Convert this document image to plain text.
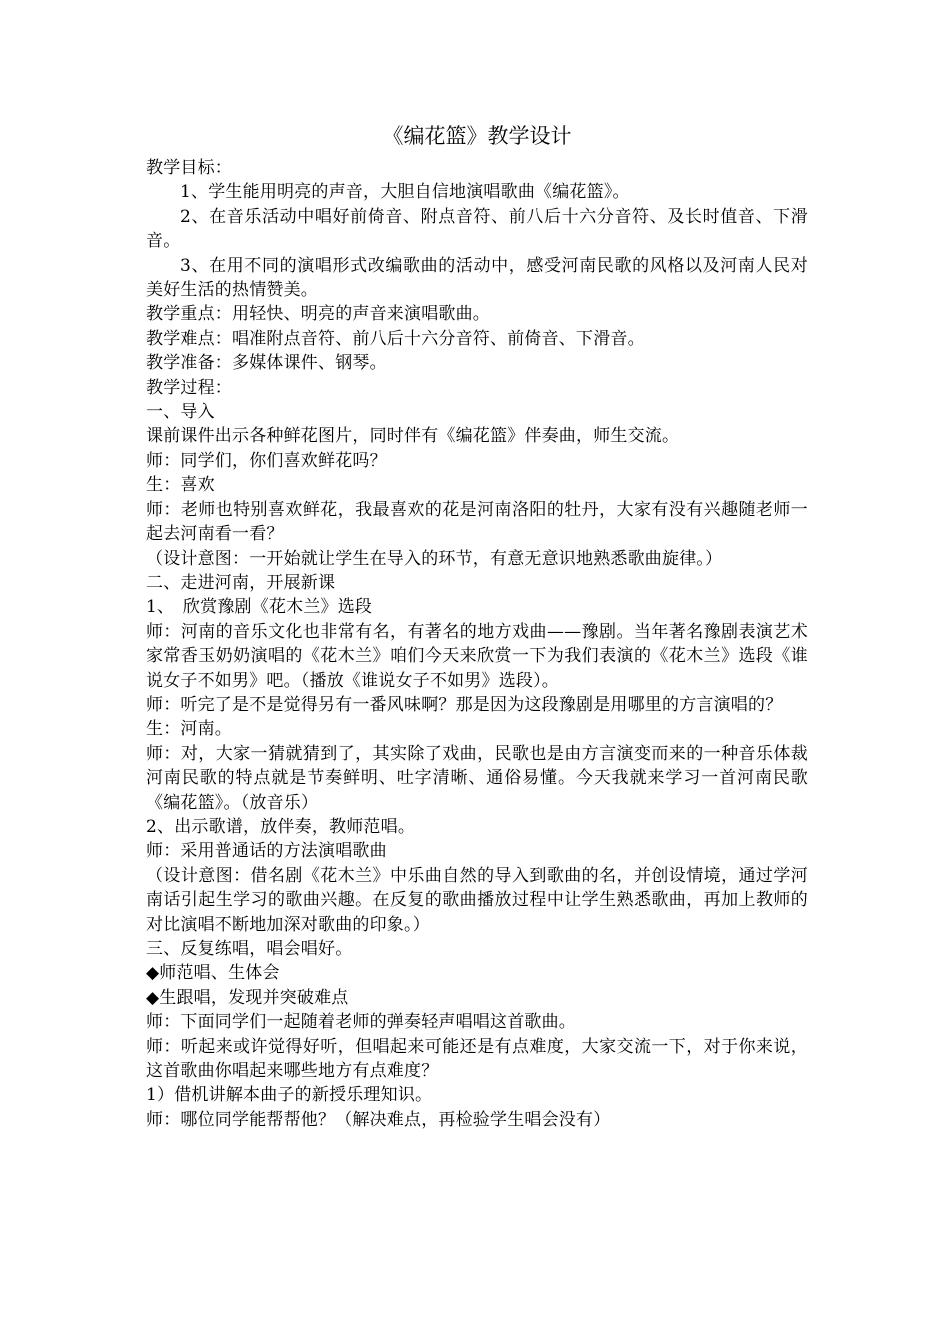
《编花篮》教学设计

教学目标：

1、学生能用明亮的声音，大胆自信地演唱歌曲《编花篮》。

2、在音乐活动中唱好前倚音、附点音符、前八后十六分音符、及长时值音、下滑音。

3、在用不同的演唱形式改编歌曲的活动中，感受河南民歌的风格以及河南人民对美好生活的热情赞美。

教学重点：用轻快、明亮的声音来演唱歌曲。

教学难点：唱准附点音符、前八后十六分音符、前倚音、下滑音。

教学准备：多媒体课件、钢琴。

教学过程：

一、导入

课前课件出示各种鲜花图片，同时伴有《编花篮》伴奏曲，师生交流。

师：同学们，你们喜欢鲜花吗？

生：喜欢

师：老师也特别喜欢鲜花，我最喜欢的花是河南洛阳的牡丹，大家有没有兴趣随老师一起去河南看一看？

（设计意图：一开始就让学生在导入的环节，有意无意识地熟悉歌曲旋律。）

二、走进河南，开展新课

1、　欣赏豫剧《花木兰》选段

师：河南的音乐文化也非常有名，有著名的地方戏曲——豫剧。当年著名豫剧表演艺术家常香玉奶奶演唱的《花木兰》咱们今天来欣赏一下为我们表演的《花木兰》选段《谁说女子不如男》吧。（播放《谁说女子不如男》选段）。

师：听完了是不是觉得另有一番风味啊？那是因为这段豫剧是用哪里的方言演唱的？

生：河南。

师：对，大家一猜就猜到了，其实除了戏曲，民歌也是由方言演变而来的一种音乐体裁河南民歌的特点就是节奏鲜明、吐字清晰、通俗易懂。今天我就来学习一首河南民歌《编花篮》。（放音乐）

2、出示歌谱，放伴奏，教师范唱。

师：采用普通话的方法演唱歌曲

（设计意图：借名剧《花木兰》中乐曲自然的导入到歌曲的名，并创设情境，通过学河南话引起生学习的歌曲兴趣。在反复的歌曲播放过程中让学生熟悉歌曲，再加上教师的对比演唱不断地加深对歌曲的印象。）

三、反复练唱，唱会唱好。

◆师范唱、生体会

◆生跟唱，发现并突破难点

师：下面同学们一起随着老师的弹奏轻声唱唱这首歌曲。

师：听起来或许觉得好听，但唱起来可能还是有点难度，大家交流一下，对于你来说，这首歌曲你唱起来哪些地方有点难度？

1）借机讲解本曲子的新授乐理知识。

师：哪位同学能帮帮他？（解决难点，再检验学生唱会没有）
